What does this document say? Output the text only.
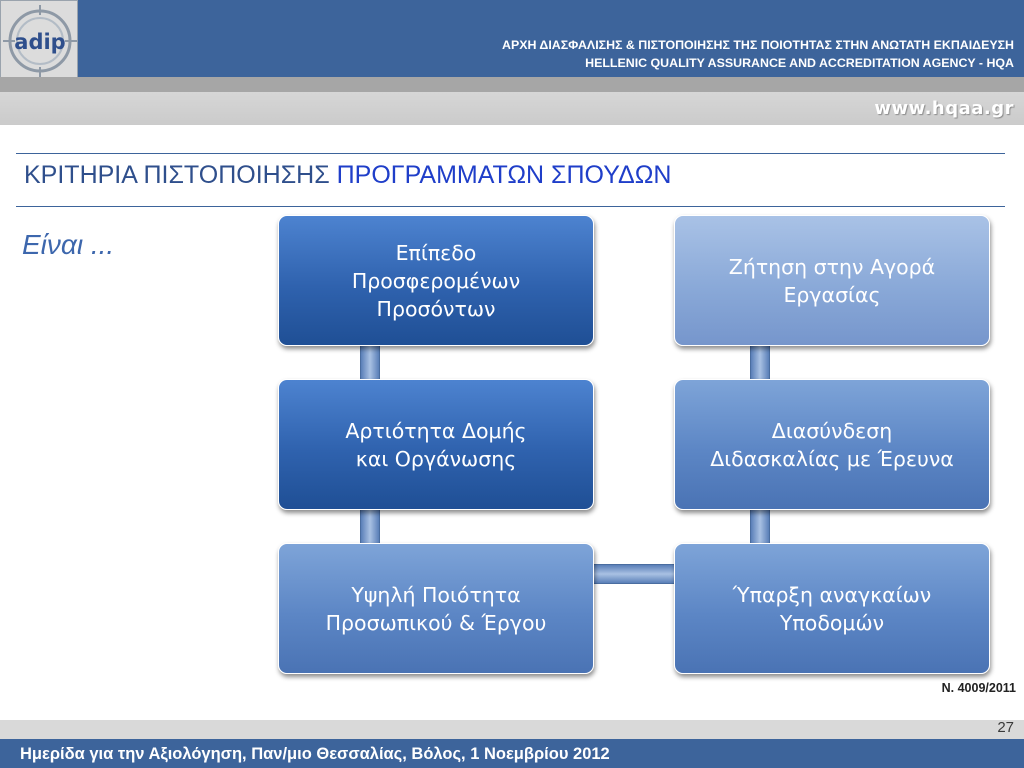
adip	ΑΡΧΗ ΔΙΑΣΦΑΛΙΣΗΣ & ΠΙΣΤΟΠΟΙΗΣΗΣ ΤΗΣ ΠΟΙΟΤΗΤΑΣ ΣΤΗΝ ΑΝΩΤΑΤΗ ΕΚΠΑΙΔΕΥΣΗ
HELLENIC QUALITY ASSURANCE AND ACCREDITATION AGENCY - HQA
www.hqaa.gr
ΚΡΙΤΗΡΙΑ ΠΙΣΤΟΠΟΙΗΣΗΣ ΠΡΟΓΡΑΜΜΑΤΩΝ ΣΠΟΥΔΩΝ
Είναι ...	Επίπεδο
Προσφερομένων
Προσόντων
Αρτιότητα Δομής
και Οργάνωσης
Υψηλή Ποιότητα
Προσωπικού & Έργου
Ζήτηση στην Αγορά
Εργασίας
Διασύνδεση
Διδασκαλίας με Έρευνα
Ύπαρξη αναγκαίων
Υποδομών
Ν. 4009/2011
27
Ημερίδα για την Αξιολόγηση, Παν/μιο Θεσσαλίας, Βόλος, 1 Νοεμβρίου 2012
